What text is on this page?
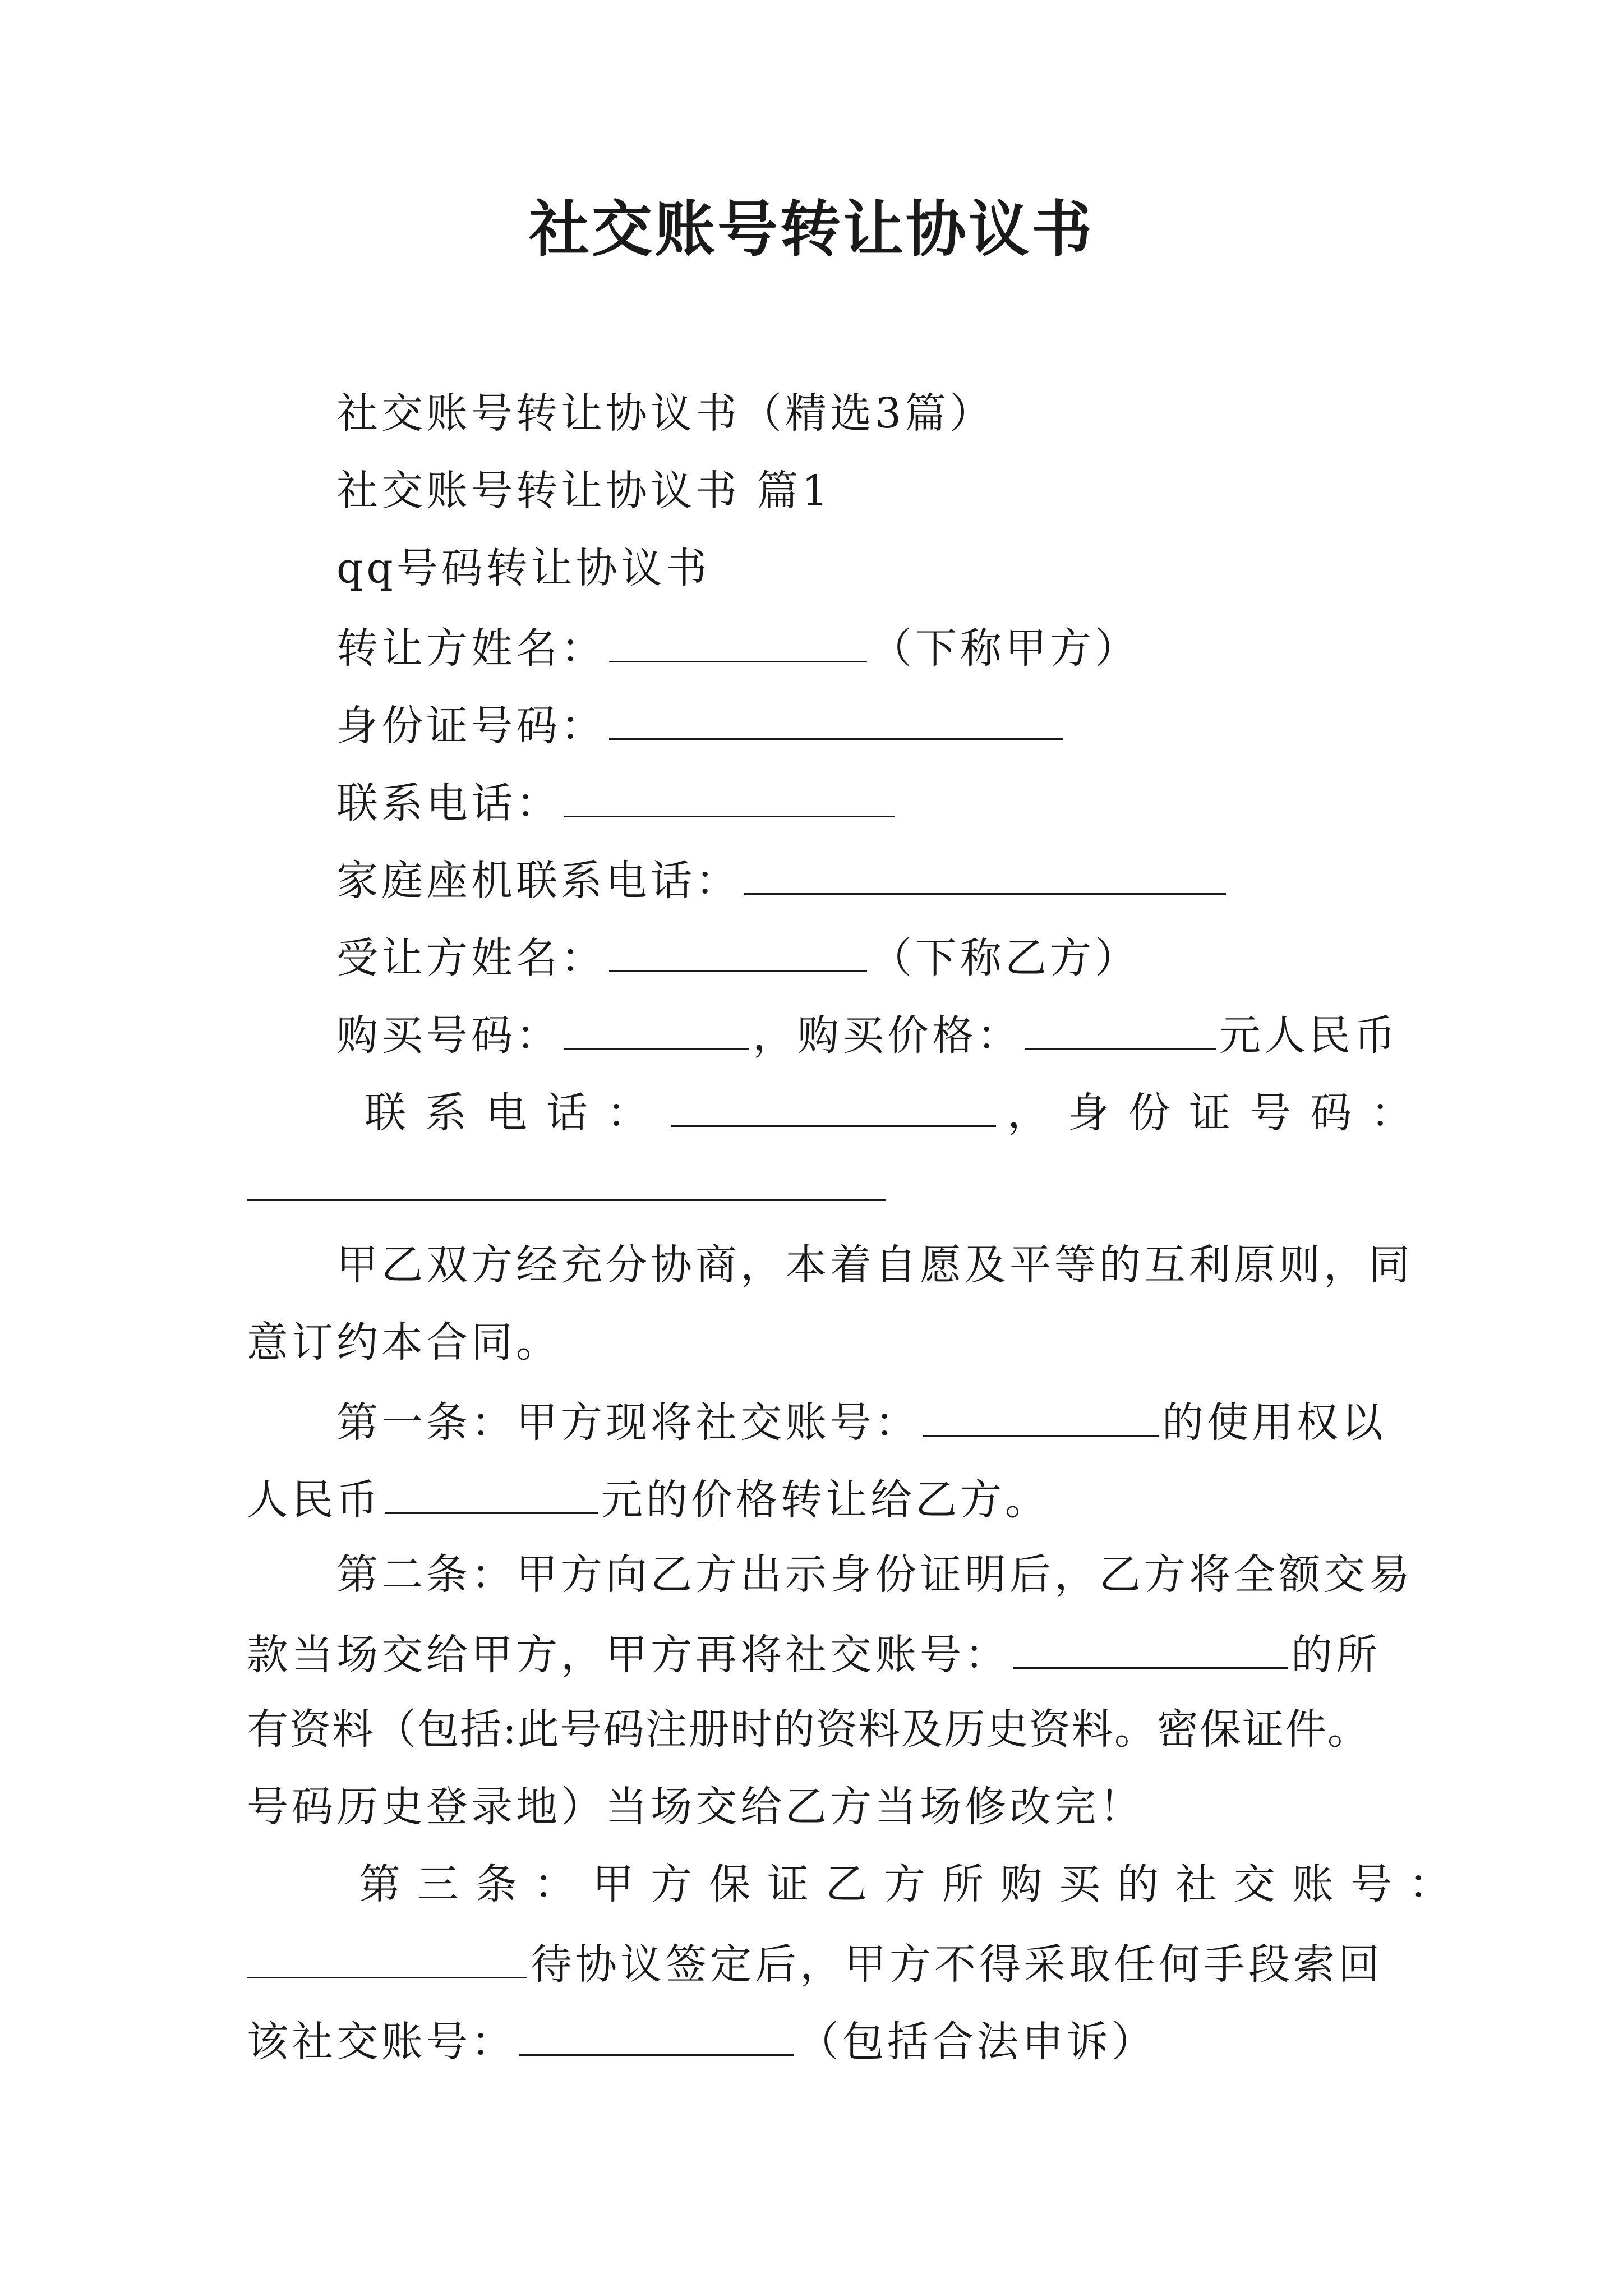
社交账号转让协议书
社交账号转让协议书（精选3篇）
社交账号转让协议书 篇1
qq号码转让协议书
转让方姓名：	（下称甲方）
身份证号码：
联系电话：
家庭座机联系电话：
受让方姓名：	（下称乙方）
购买号码：	，购买价格：	元人民币
联系电话：	，身份证号码：
甲乙双方经充分协商，本着自愿及平等的互利原则，同
意订约本合同。
第一条：甲方现将社交账号：	的使用权以
人民币	元的价格转让给乙方。
第二条：甲方向乙方出示身份证明后，乙方将全额交易
款当场交给甲方，甲方再将社交账号：	的所
有资料（包括:此号码注册时的资料及历史资料。密保证件。
号码历史登录地）当场交给乙方当场修改完！
第三条：甲方保证乙方所购买的社交账号：
待协议签定后，甲方不得采取任何手段索回
该社交账号：	（包括合法申诉）
